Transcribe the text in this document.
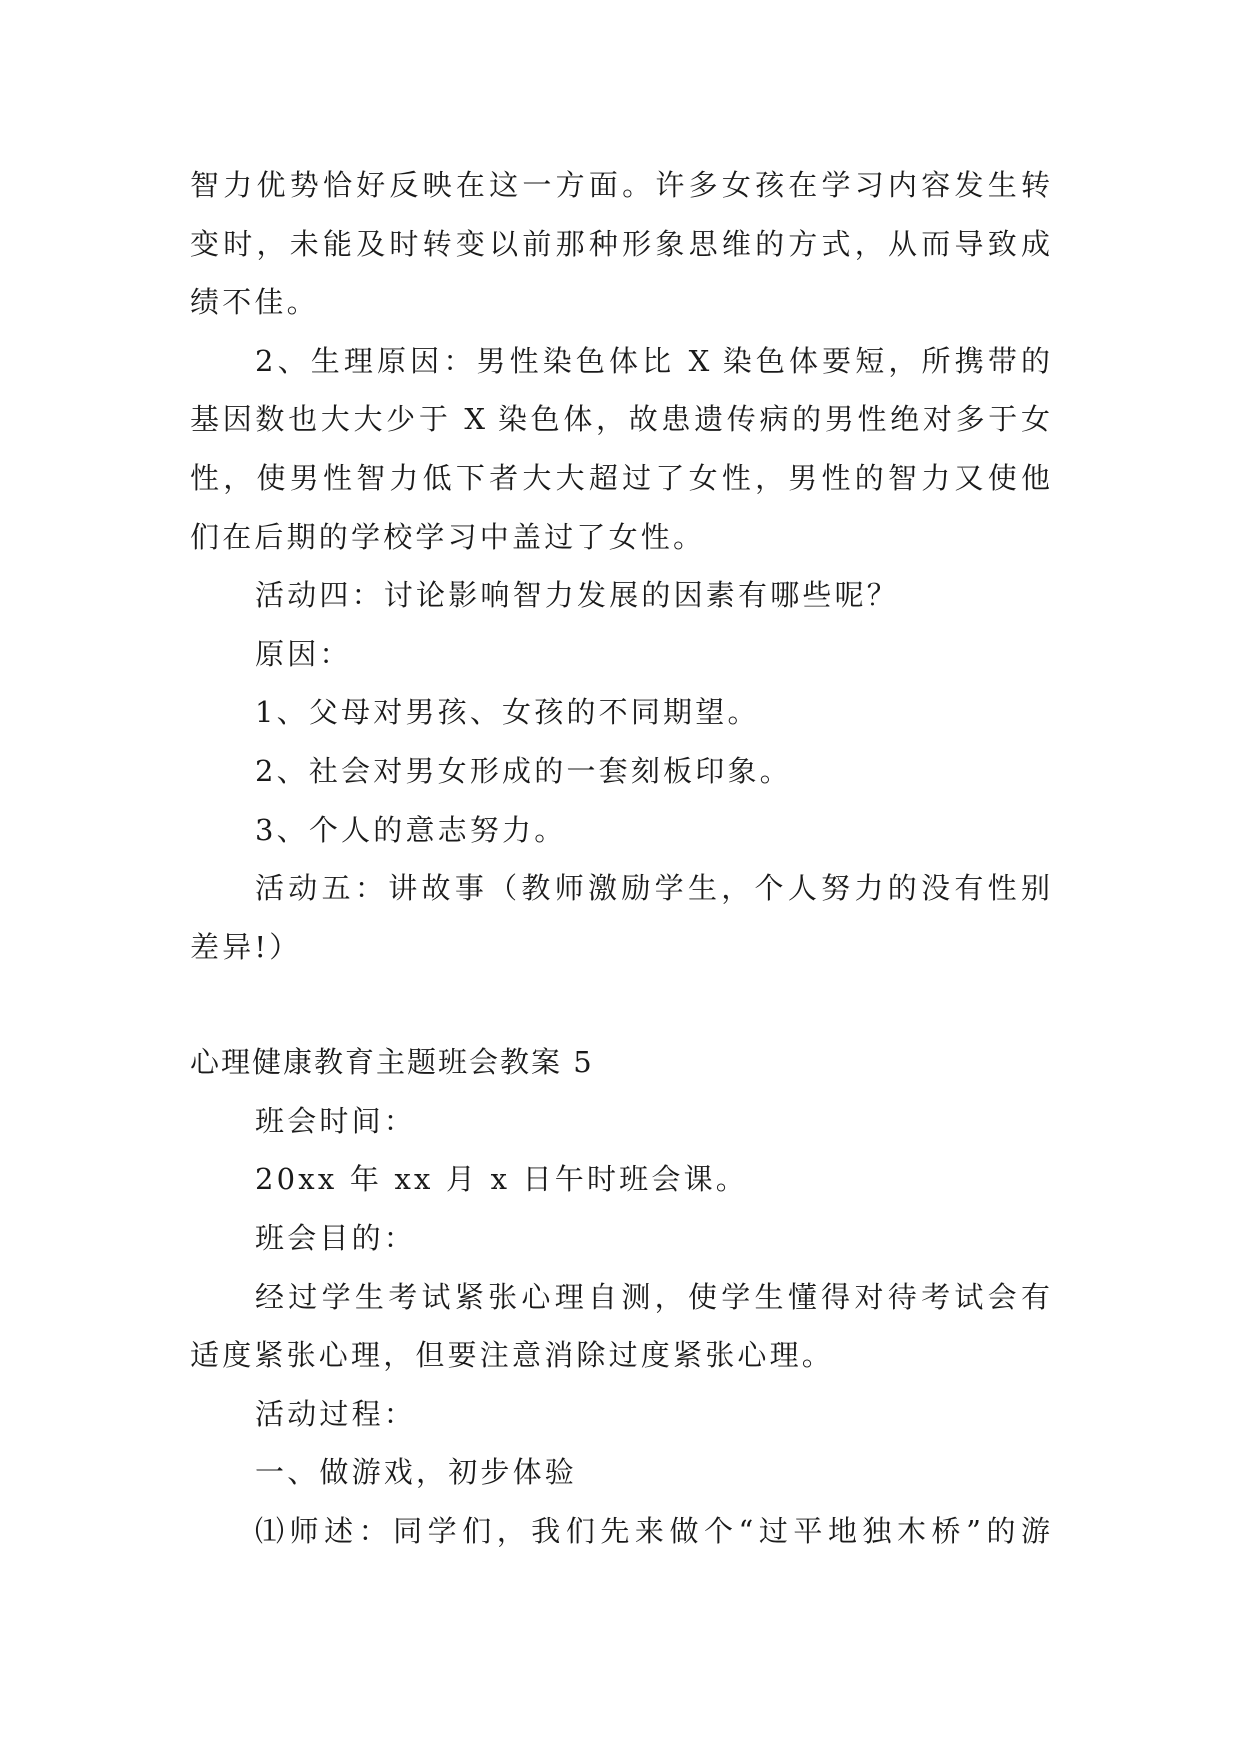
智力优势恰好反映在这一方面。许多女孩在学习内容发生转
变时，未能及时转变以前那种形象思维的方式，从而导致成
绩不佳。
2、生理原因：男性染色体比 X 染色体要短，所携带的
基因数也大大少于 X 染色体，故患遗传病的男性绝对多于女
性，使男性智力低下者大大超过了女性，男性的智力又使他
们在后期的学校学习中盖过了女性。
活动四：讨论影响智力发展的因素有哪些呢？
原因：
1、父母对男孩、女孩的不同期望。
2、社会对男女形成的一套刻板印象。
3、个人的意志努力。
活动五：讲故事（教师激励学生，个人努力的没有性别
差异!）
心理健康教育主题班会教案 5
班会时间：
20xx 年 xx 月 x 日午时班会课。
班会目的：
经过学生考试紧张心理自测，使学生懂得对待考试会有
适度紧张心理，但要注意消除过度紧张心理。
活动过程：
一、做游戏，初步体验
⑴师述：同学们，我们先来做个“过平地独木桥”的游
